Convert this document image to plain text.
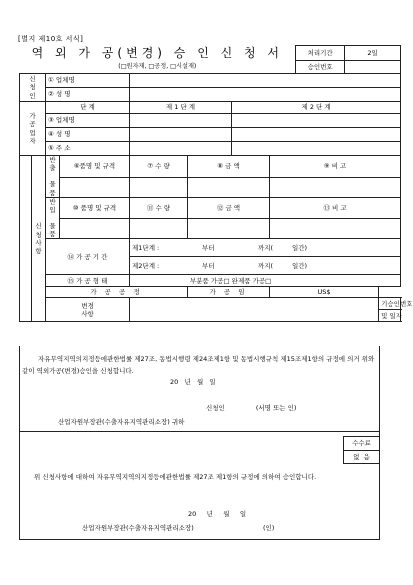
[별지 제10호 서식]
역 외 가 공(변경) 승 인 신 청 서								처리기간	2일	
(□원자재, □공정, □시설재)								승인번호		
신
청
인		① 업체명								
		② 성 명								
가
공
업
자		단 계		제 1 단 계		제 2 단 계				
		③ 업체명								
		④ 성 명								
		⑤ 주 소								
	신
청
사
항	반출

물품	⑥품명 및 규격	⑦ 수 량	⑧ 금 액		⑨ 비 고			

		반입

물품	⑩ 품명 및 규격	⑪ 수 량	⑫ 금 액		⑬ 비 고			

		⑭ 가 공 기 간		제1단계 : 부터 까지( 일간)						
				제2단계 : 부터 까지( 일간)						
		⑮ 가 공 형 태		부분품 가공□ 완제품 가공□						
		가 공 공 정			가 공 임		US$			
		변경
사항								기승인번호
										및 일자
자유무역지역의지정등에관한법률 제27조, 동법시행령 제24조제1항 및 동법시행규칙 제15조제1항의 규정에 의거 위와 같이 역외가공(변경)승인을 신청합니다.
20   년   월   일
신청인               (서명 또는 인)
산업자원부장관(수출자유지역관리소장) 귀하
수수료
없  음
위 신청사항에 대하여 자유무역지역의지정등에관한법률 제27조 제1항의 규정에 의하여 승인합니다.
20     년     월     일
산업자원부장관(수출자유지역관리소장)	(인)
